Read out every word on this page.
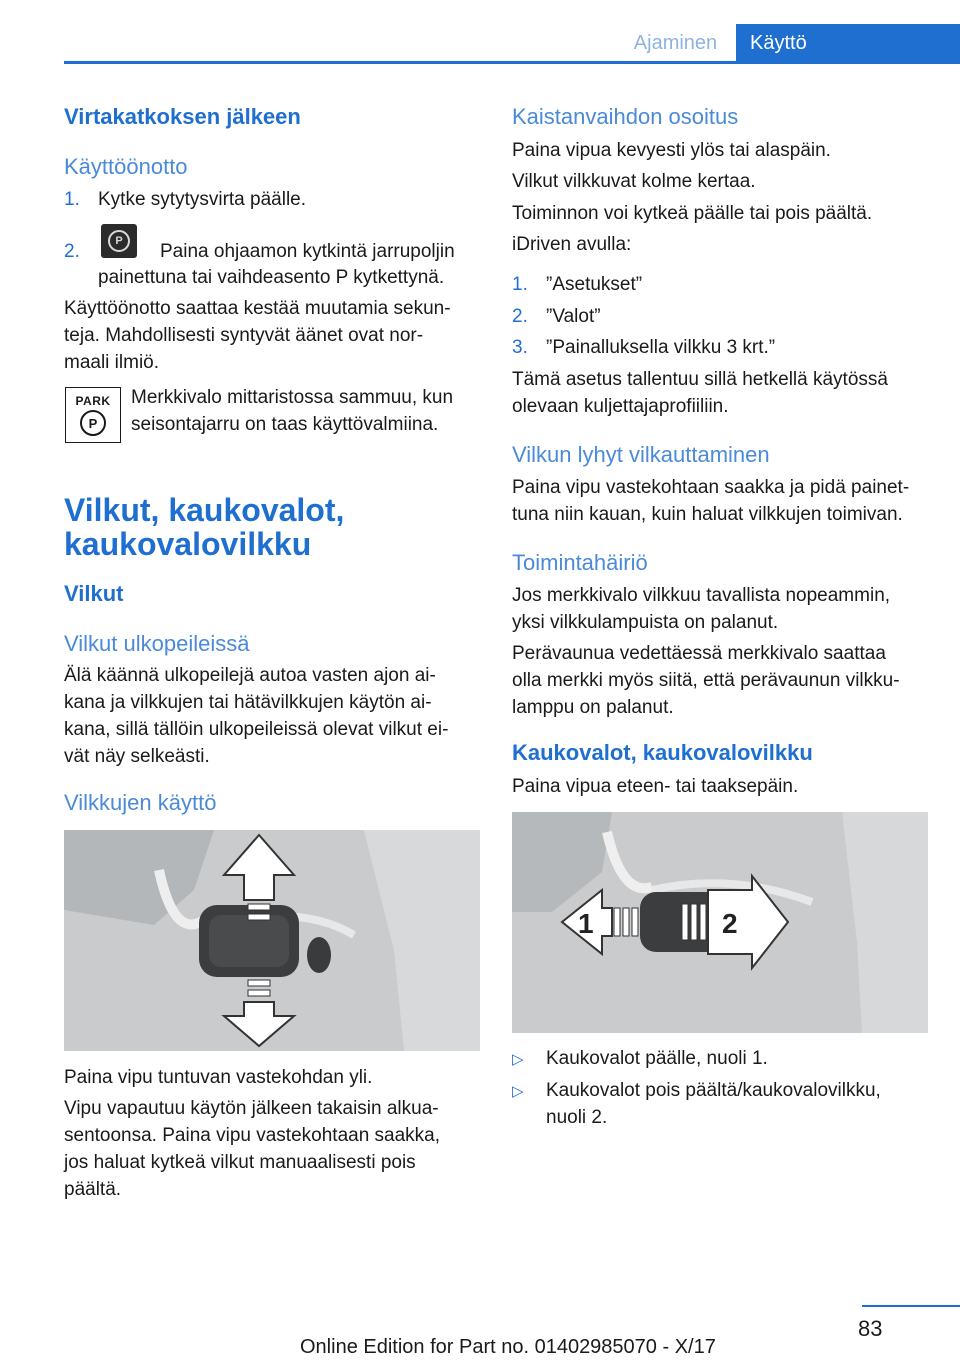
Ajaminen Käyttö
Virtakatkoksen jälkeen
Käyttöönotto
1. Kytke sytytysvirta päälle.
2.	P	Paina ohjaamon kytkintä jarrupoljin
painettuna tai vaihdeasento P kytkettynä.
Käyttöönotto saattaa kestää muutamia sekun‐
teja. Mahdollisesti syntyvät äänet ovat nor‐
maali ilmiö.
PARK
P
Merkkivalo mittaristossa sammuu, kun
seisontajarru on taas käyttövalmiina.
Vilkut, kaukovalot,
kaukovalovilkku
Vilkut
Vilkut ulkopeileissä
Älä käännä ulkopeilejä autoa vasten ajon ai‐
kana ja vilkkujen tai hätävilkkujen käytön ai‐
kana, sillä tällöin ulkopeileissä olevat vilkut ei‐
vät näy selkeästi.
Vilkkujen käyttö
Paina vipu tuntuvan vastekohdan yli.
Vipu vapautuu käytön jälkeen takaisin alkua‐
sentoonsa. Paina vipu vastekohtaan saakka,
jos haluat kytkeä vilkut manuaalisesti pois
päältä.
Kaistanvaihdon osoitus
Paina vipua kevyesti ylös tai alaspäin.
Vilkut vilkkuvat kolme kertaa.
Toiminnon voi kytkeä päälle tai pois päältä.
iDriven avulla:
1. ”Asetukset”
2. ”Valot”
3. ”Painalluksella vilkku 3 krt.”
Tämä asetus tallentuu sillä hetkellä käytössä
olevaan kuljettajaprofiiliin.
Vilkun lyhyt vilkauttaminen
Paina vipu vastekohtaan saakka ja pidä painet‐
tuna niin kauan, kuin haluat vilkkujen toimivan.
Toimintahäiriö
Jos merkkivalo vilkkuu tavallista nopeammin,
yksi vilkkulampuista on palanut.
Perävaunua vedettäessä merkkivalo saattaa
olla merkki myös siitä, että perävaunun vilkku‐
lamppu on palanut.
Kaukovalot, kaukovalovilkku
Paina vipua eteen- tai taaksepäin.
1	2
▷ Kaukovalot päälle, nuoli 1.
▷ Kaukovalot pois päältä/kaukovalovilkku,
nuoli 2.
83
Online Edition for Part no. 01402985070 - X/17
